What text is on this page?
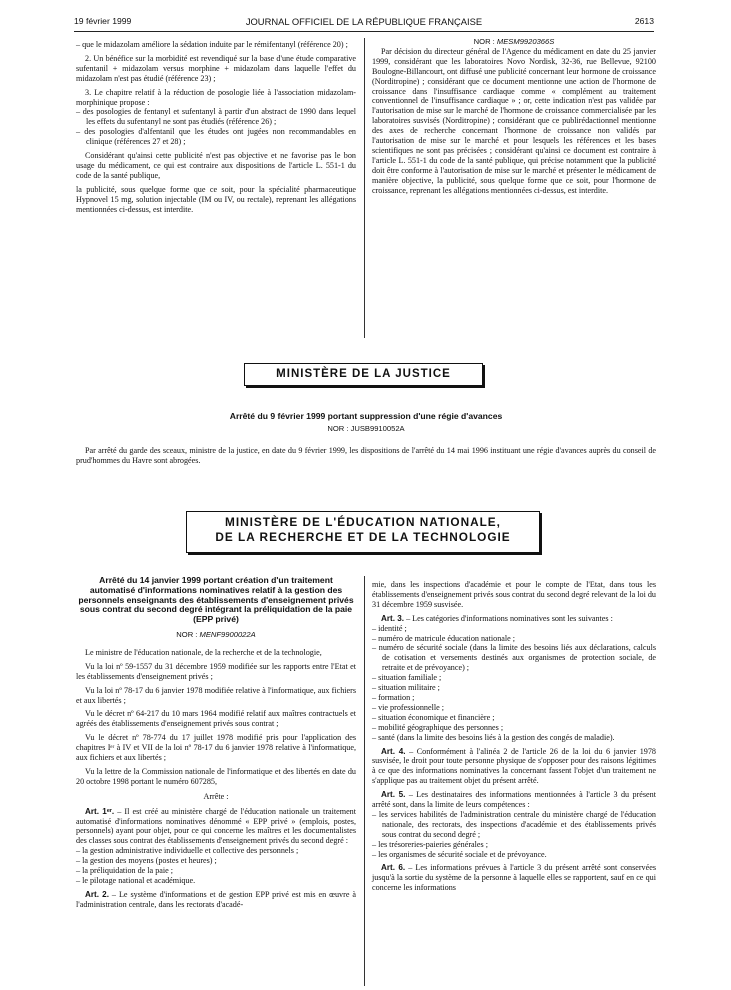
19 février 1999	JOURNAL OFFICIEL DE LA RÉPUBLIQUE FRANÇAISE	2613

– que le midazolam améliore la sédation induite par le rémifentanyl (référence 20) ;

2. Un bénéfice sur la morbidité est revendiqué sur la base d'une étude comparative sufentanil + midazolam versus morphine + midazolam dans laquelle l'effet du midazolam n'est pas étudié (référence 23) ;

3. Le chapitre relatif à la réduction de posologie liée à l'association midazolam-morphinique propose :

– des posologies de fentanyl et sufentanyl à partir d'un abstract de 1990 dans lequel les effets du sufentanyl ne sont pas étudiés (référence 26) ;

– des posologies d'alfentanil que les études ont jugées non recommandables en clinique (références 27 et 28) ;

Considérant qu'ainsi cette publicité n'est pas objective et ne favorise pas le bon usage du médicament, ce qui est contraire aux dispositions de l'article L. 551-1 du code de la santé publique,

la publicité, sous quelque forme que ce soit, pour la spécialité pharmaceutique Hypnovel 15 mg, solution injectable (IM ou IV, ou rectale), reprenant les allégations mentionnées ci-dessus, est interdite.

NOR : MESM9920366S

Par décision du directeur général de l'Agence du médicament en date du 25 janvier 1999, considérant que les laboratoires Novo Nordisk, 32-36, rue Bellevue, 92100 Boulogne-Billancourt, ont diffusé une publicité concernant leur hormone de croissance (Norditropine) ; considérant que ce document mentionne une action de l'hormone de croissance dans l'insuffisance cardiaque comme « complément au traitement conventionnel de l'insuffisance cardiaque » ; or, cette indication n'est pas validée par l'autorisation de mise sur le marché de l'hormone de croissance commercialisée par les laboratoires susvisés (Norditropine) ; considérant que ce publirédactionnel mentionne des axes de recherche concernant l'hormone de croissance non validés par l'autorisation de mise sur le marché et pour lesquels les références et les bases scientifiques ne sont pas précisées ; considérant qu'ainsi ce document est contraire à l'article L. 551-1 du code de la santé publique, qui précise notamment que la publicité doit être conforme à l'autorisation de mise sur le marché et présenter le médicament de manière objective, la publicité, sous quelque forme que ce soit, pour l'hormone de croissance, reprenant les allégations mentionnées ci-dessus, est interdite.

MINISTÈRE DE LA JUSTICE
Arrêté du 9 février 1999 portant suppression d'une régie d'avances
NOR : JUSB9910052A
Par arrêté du garde des sceaux, ministre de la justice, en date du 9 février 1999, les dispositions de l'arrêté du 14 mai 1996 instituant une régie d'avances auprès du conseil de prud'hommes du Havre sont abrogées.
MINISTÈRE DE L'ÉDUCATION NATIONALE,
DE LA RECHERCHE ET DE LA TECHNOLOGIE

Arrêté du 14 janvier 1999 portant création d'un traitement automatisé d'informations nominatives relatif à la gestion des personnels enseignants des établissements d'enseignement privés sous contrat du second degré intégrant la préliquidation de la paie (EPP privé)

NOR : MENF9900022A

Le ministre de l'éducation nationale, de la recherche et de la technologie,

Vu la loi nº 59-1557 du 31 décembre 1959 modifiée sur les rapports entre l'Etat et les établissements d'enseignement privés ;

Vu la loi nº 78-17 du 6 janvier 1978 modifiée relative à l'informatique, aux fichiers et aux libertés ;

Vu le décret nº 64-217 du 10 mars 1964 modifié relatif aux maîtres contractuels et agréés des établissements d'enseignement privés sous contrat ;

Vu le décret nº 78-774 du 17 juillet 1978 modifié pris pour l'application des chapitres Iᵉʳ à IV et VII de la loi nº 78-17 du 6 janvier 1978 relative à l'informatique, aux fichiers et aux libertés ;

Vu la lettre de la Commission nationale de l'informatique et des libertés en date du 20 octobre 1998 portant le numéro 607285,

Arrête :

Art. 1ᵉʳ. – Il est créé au ministère chargé de l'éducation nationale un traitement automatisé d'informations nominatives dénommé « EPP privé » (emplois, postes, personnels) ayant pour objet, pour ce qui concerne les maîtres et les documentalistes des classes sous contrat des établissements d'enseignement privés du second degré :

– la gestion administrative individuelle et collective des personnels ;

– la gestion des moyens (postes et heures) ;

– la préliquidation de la paie ;

– le pilotage national et académique.

Art. 2. – Le système d'informations et de gestion EPP privé est mis en œuvre à l'administration centrale, dans les rectorats d'acadé-

mie, dans les inspections d'académie et pour le compte de l'Etat, dans tous les établissements d'enseignement privés sous contrat du second degré relevant de la loi du 31 décembre 1959 susvisée.

Art. 3. – Les catégories d'informations nominatives sont les suivantes :

– identité ;

– numéro de matricule éducation nationale ;

– numéro de sécurité sociale (dans la limite des besoins liés aux déclarations, calculs de cotisation et versements destinés aux organismes de protection sociale, de retraite et de prévoyance) ;

– situation familiale ;

– situation militaire ;

– formation ;

– vie professionnelle ;

– situation économique et financière ;

– mobilité géographique des personnes ;

– santé (dans la limite des besoins liés à la gestion des congés de maladie).

Art. 4. – Conformément à l'alinéa 2 de l'article 26 de la loi du 6 janvier 1978 susvisée, le droit pour toute personne physique de s'opposer pour des raisons légitimes à ce que des informations nominatives la concernant fassent l'objet d'un traitement ne s'applique pas au traitement objet du présent arrêté.

Art. 5. – Les destinataires des informations mentionnées à l'article 3 du présent arrêté sont, dans la limite de leurs compétences :

– les services habilités de l'administration centrale du ministère chargé de l'éducation nationale, des rectorats, des inspections d'académie et des établissements privés sous contrat du second degré ;

– les trésoreries-paieries générales ;

– les organismes de sécurité sociale et de prévoyance.

Art. 6. – Les informations prévues à l'article 3 du présent arrêté sont conservées jusqu'à la sortie du système de la personne à laquelle elles se rapportent, sauf en ce qui concerne les informations
